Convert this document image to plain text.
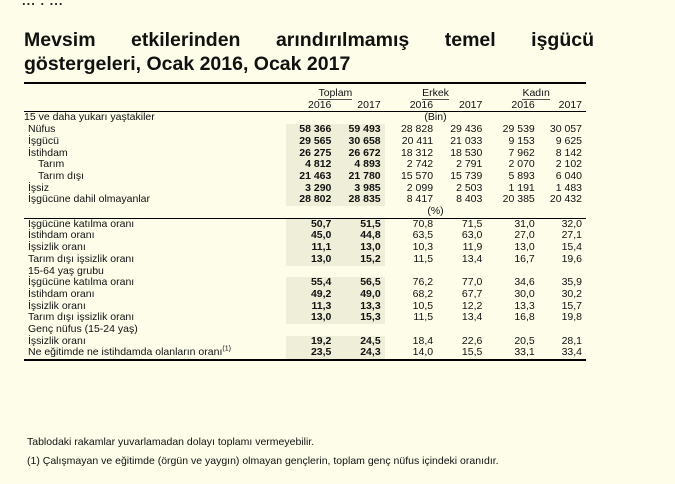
... . ...
Mevsim etkilerinden arındırılmamış temel işgücü
göstergeleri, Ocak 2016, Ocak 2017
	Toplam		Erkek		Kadın	
	2016	2017	2016	2017	2016	2017
15 ve daha yukarı yaştakiler			(Bin)			
Nüfus	58 366	59 493	28 828	29 436	29 539	30 057
İşgücü	29 565	30 658	20 411	21 033	9 153	9 625
İstihdam	26 275	26 672	18 312	18 530	7 962	8 142
Tarım	4 812	4 893	2 742	2 791	2 070	2 102
Tarım dışı	21 463	21 780	15 570	15 739	5 893	6 040
İşsiz	3 290	3 985	2 099	2 503	1 191	1 483
İşgücüne dahil olmayanlar	28 802	28 835	8 417	8 403	20 385	20 432
			(%)			
İşgücüne katılma oranı	50,7	51,5	70,8	71,5	31,0	32,0
İstihdam oranı	45,0	44,8	63,5	63,0	27,0	27,1
İşsizlik oranı	11,1	13,0	10,3	11,9	13,0	15,4
Tarım dışı işsizlik oranı	13,0	15,2	11,5	13,4	16,7	19,6
15-64 yaş grubu						
İşgücüne katılma oranı	55,4	56,5	76,2	77,0	34,6	35,9
İstihdam oranı	49,2	49,0	68,2	67,7	30,0	30,2
İşsizlik oranı	11,3	13,3	10,5	12,2	13,3	15,7
Tarım dışı işsizlik oranı	13,0	15,3	11,5	13,4	16,8	19,8
Genç nüfus (15-24 yaş)						
İşsizlik oranı	19,2	24,5	18,4	22,6	20,5	28,1
Ne eğitimde ne istihdamda olanların oranı$^{(1)}$	23,5	24,3	14,0	15,5	33,1	33,4
Tablodaki rakamlar yuvarlamadan dolayı toplamı vermeyebilir.
(1) Çalışmayan ve eğitimde (örgün ve yaygın) olmayan gençlerin, toplam genç nüfus içindeki oranıdır.
